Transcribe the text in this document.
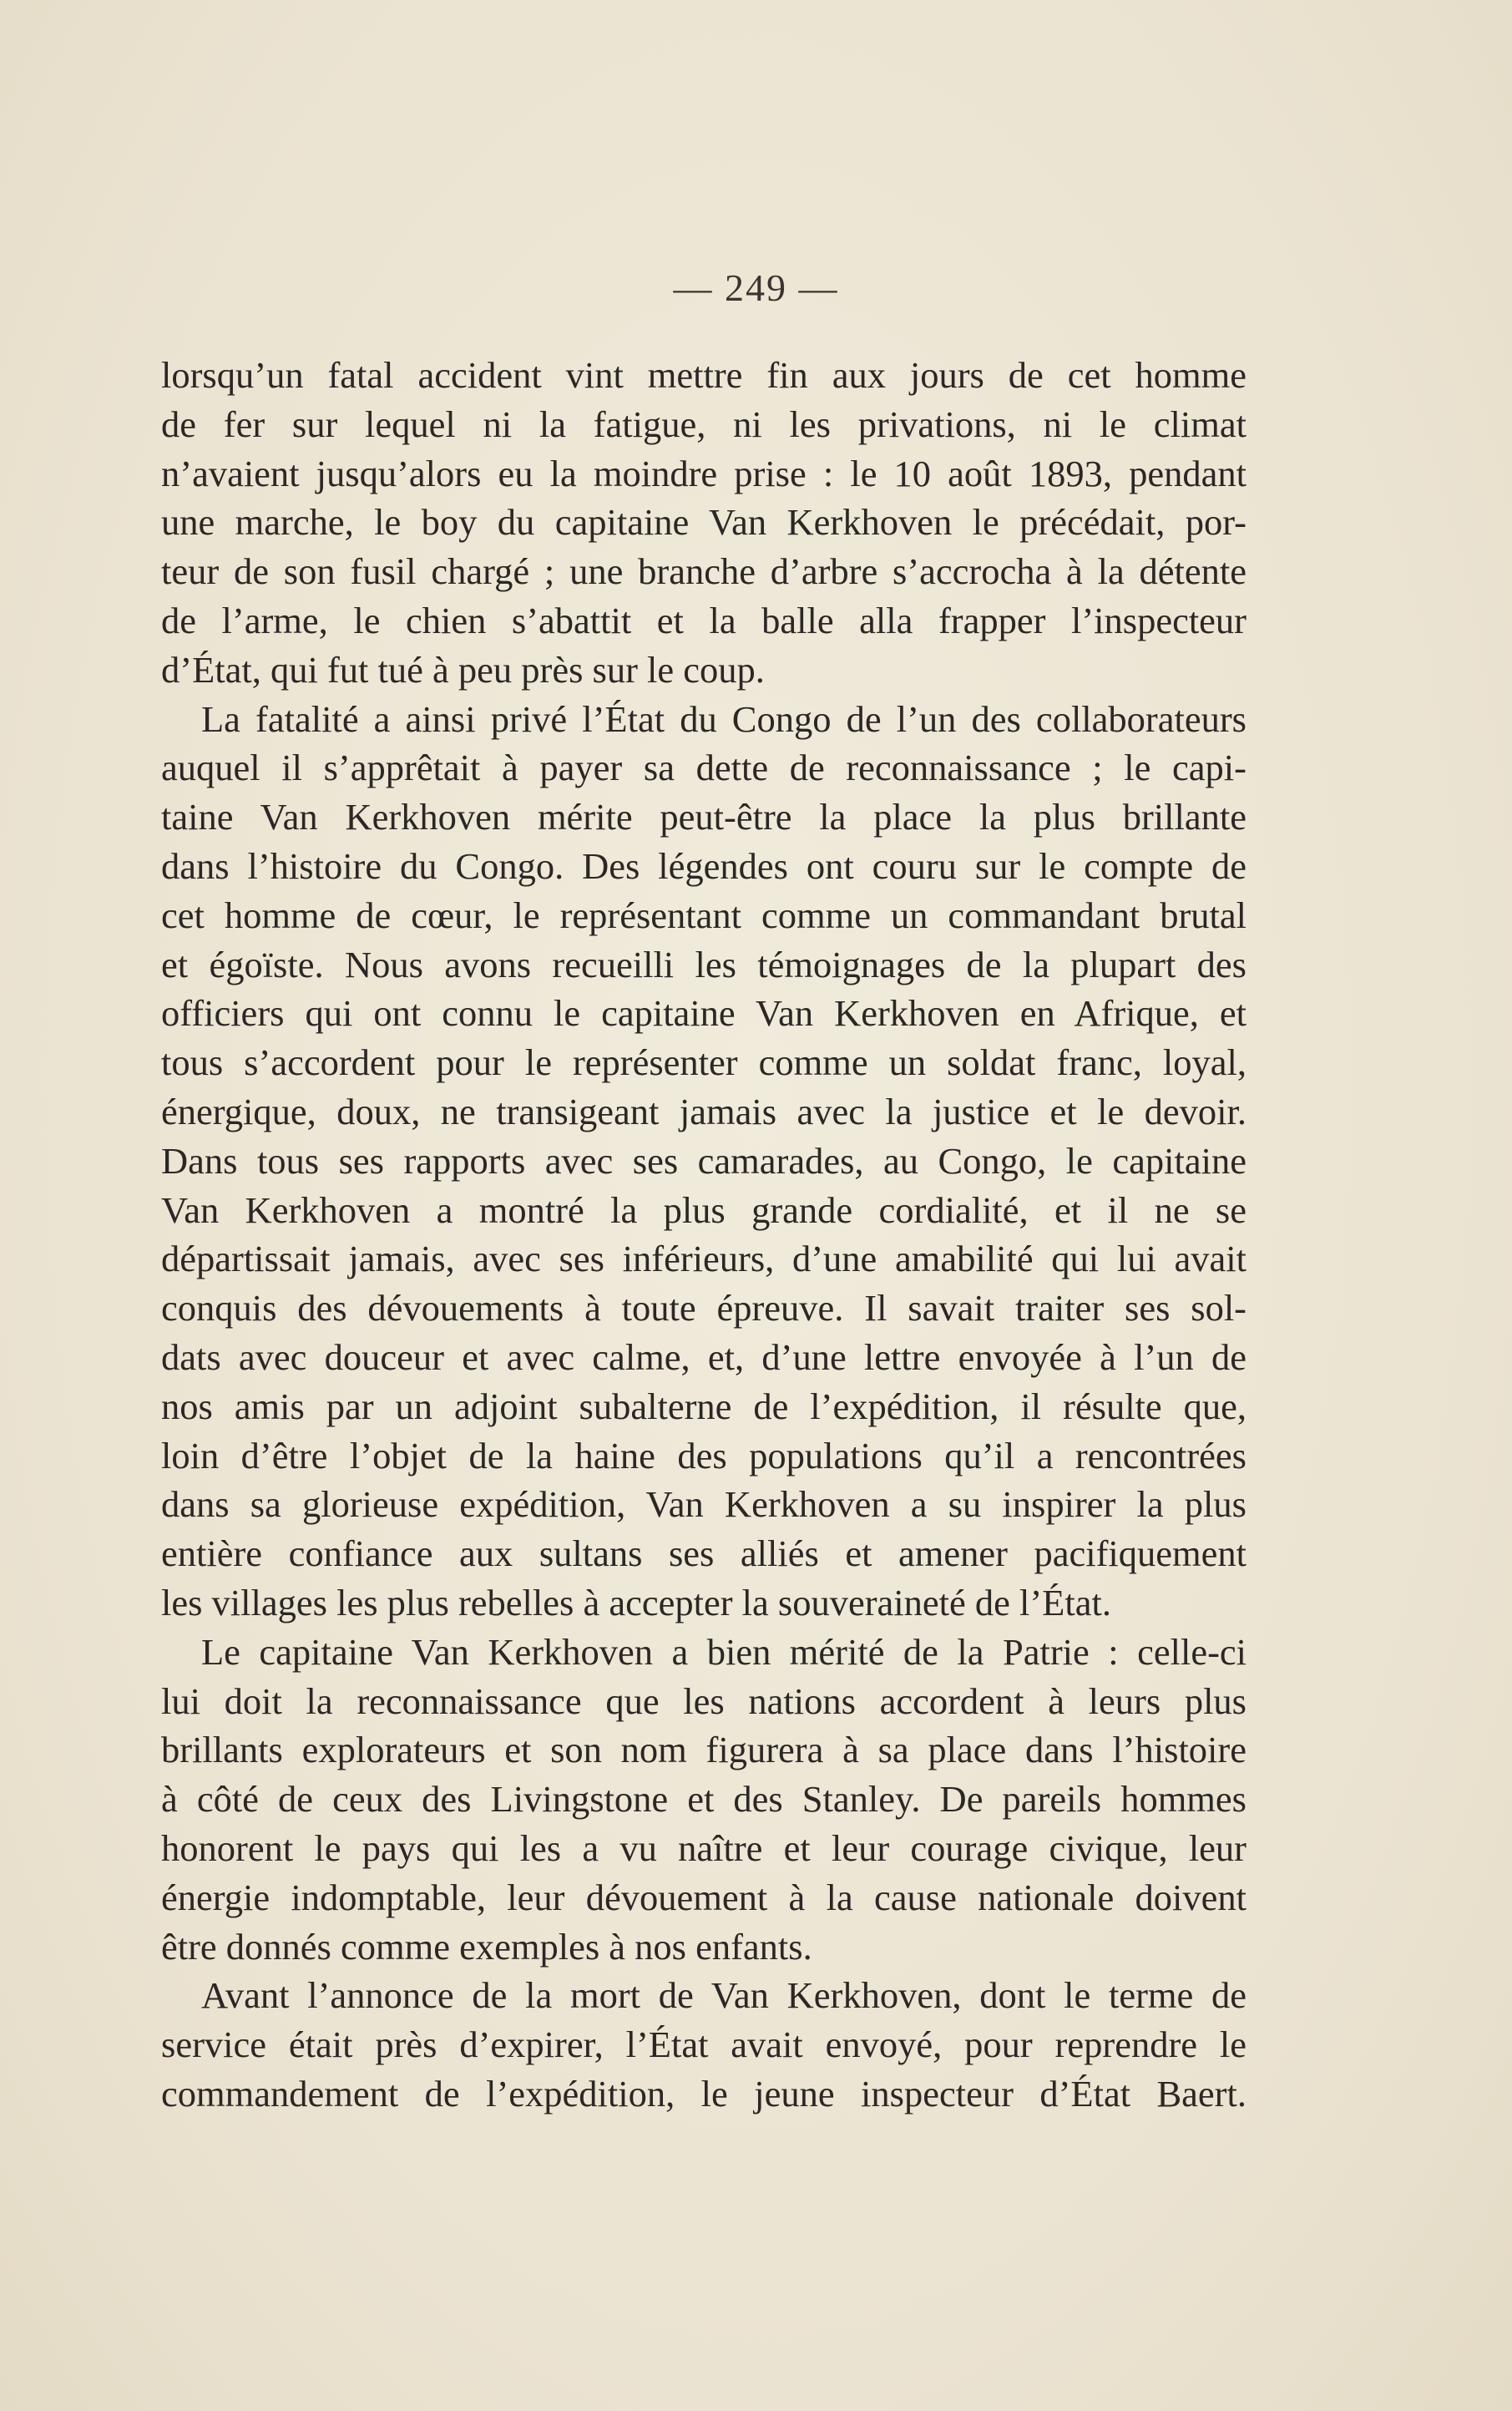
— 249 —
lorsqu’un fatal accident vint mettre fin aux jours de cet homme
de fer sur lequel ni la fatigue, ni les privations, ni le climat
n’avaient jusqu’alors eu la moindre prise : le 10 août 1893, pendant
une marche, le boy du capitaine Van Kerkhoven le précédait, por-
teur de son fusil chargé ; une branche d’arbre s’accrocha à la détente
de l’arme, le chien s’abattit et la balle alla frapper l’inspecteur
d’État, qui fut tué à peu près sur le coup.
La fatalité a ainsi privé l’État du Congo de l’un des collaborateurs
auquel il s’apprêtait à payer sa dette de reconnaissance ; le capi-
taine Van Kerkhoven mérite peut-être la place la plus brillante
dans l’histoire du Congo. Des légendes ont couru sur le compte de
cet homme de cœur, le représentant comme un commandant brutal
et égoïste. Nous avons recueilli les témoignages de la plupart des
officiers qui ont connu le capitaine Van Kerkhoven en Afrique, et
tous s’accordent pour le représenter comme un soldat franc, loyal,
énergique, doux, ne transigeant jamais avec la justice et le devoir.
Dans tous ses rapports avec ses camarades, au Congo, le capitaine
Van Kerkhoven a montré la plus grande cordialité, et il ne se
départissait jamais, avec ses inférieurs, d’une amabilité qui lui avait
conquis des dévouements à toute épreuve. Il savait traiter ses sol-
dats avec douceur et avec calme, et, d’une lettre envoyée à l’un de
nos amis par un adjoint subalterne de l’expédition, il résulte que,
loin d’être l’objet de la haine des populations qu’il a rencontrées
dans sa glorieuse expédition, Van Kerkhoven a su inspirer la plus
entière confiance aux sultans ses alliés et amener pacifiquement
les villages les plus rebelles à accepter la souveraineté de l’État.
Le capitaine Van Kerkhoven a bien mérité de la Patrie : celle-ci
lui doit la reconnaissance que les nations accordent à leurs plus
brillants explorateurs et son nom figurera à sa place dans l’histoire
à côté de ceux des Livingstone et des Stanley. De pareils hommes
honorent le pays qui les a vu naître et leur courage civique, leur
énergie indomptable, leur dévouement à la cause nationale doivent
être donnés comme exemples à nos enfants.
Avant l’annonce de la mort de Van Kerkhoven, dont le terme de
service était près d’expirer, l’État avait envoyé, pour reprendre le
commandement de l’expédition, le jeune inspecteur d’État Baert.
